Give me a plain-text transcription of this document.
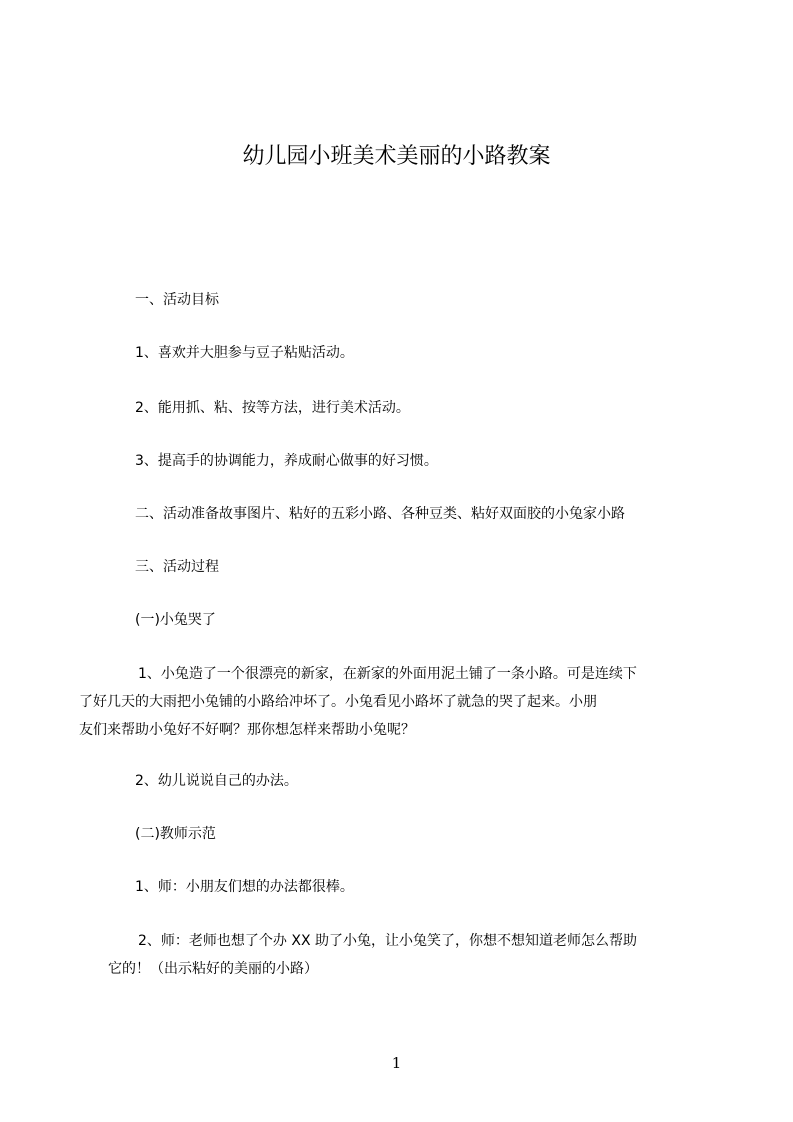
幼儿园小班美术美丽的小路教案
一、活动目标
1、喜欢并大胆参与豆子粘贴活动。
2、能用抓、粘、按等方法，进行美术活动。
3、提高手的协调能力，养成耐心做事的好习惯。
二、活动准备故事图片、粘好的五彩小路、各种豆类、粘好双面胶的小兔家小路
三、活动过程
(一)小兔哭了
1、小兔造了一个很漂亮的新家，在新家的外面用泥土铺了一条小路。可是连续下
了好几天的大雨把小兔铺的小路给冲坏了。小兔看见小路坏了就急的哭了起来。小朋
友们来帮助小兔好不好啊？那你想怎样来帮助小兔呢？
2、幼儿说说自己的办法。
(二)教师示范
1、师：小朋友们想的办法都很棒。
2、师：老师也想了个办 XX 助了小兔，让小兔笑了，你想不想知道老师怎么帮助
它的！（出示粘好的美丽的小路）
1
